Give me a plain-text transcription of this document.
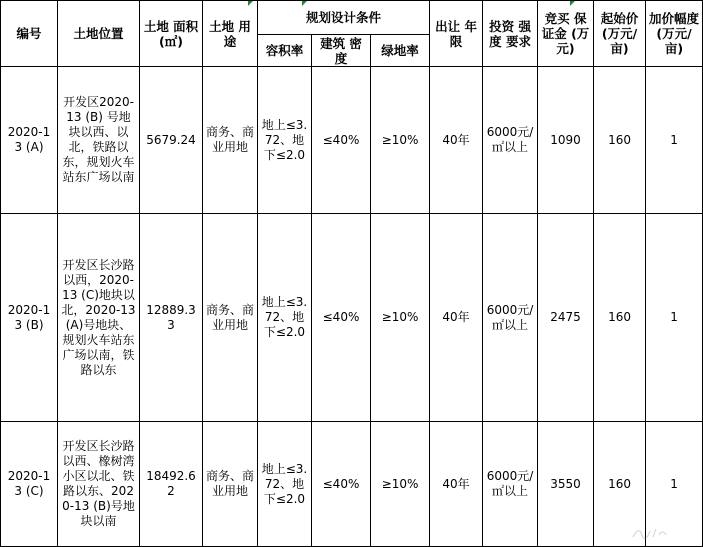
编号	土地位置	土地 面积(㎡)	土地 用途	规划设计条件			出让 年限	投资 强度 要求	竞买 保证金 (万元)	起始价 (万元/ 亩)	加价幅度 (万元/ 亩)
				容积率	建筑 密度	绿地率					
2020-13 (A)	开发区2020-13 (B) 号地块以西、以北，铁路以东，规划火车站东广场以南	5679.24	商务、商业用地	地上≤3.72、地下≤2.0	≤40%	≥10%	40年	6000元/㎡以上	1090	160	1
2020-13 (B)	开发区长沙路以西，2020-13 (C)地块以北，2020-13 (A)号地块、规划火车站东广场以南，铁路以东	12889.33	商务、商业用地	地上≤3.72、地下≤2.0	≤40%	≥10%	40年	6000元/㎡以上	2475	160	1
2020-13 (C)	开发区长沙路以西、橡树湾小区以北、铁路以东、2020-13 (B)号地块以南	18492.62	商务、商业用地	地上≤3.72、地下≤2.0	≤40%	≥10%	40年	6000元/㎡以上	3550	160	1
